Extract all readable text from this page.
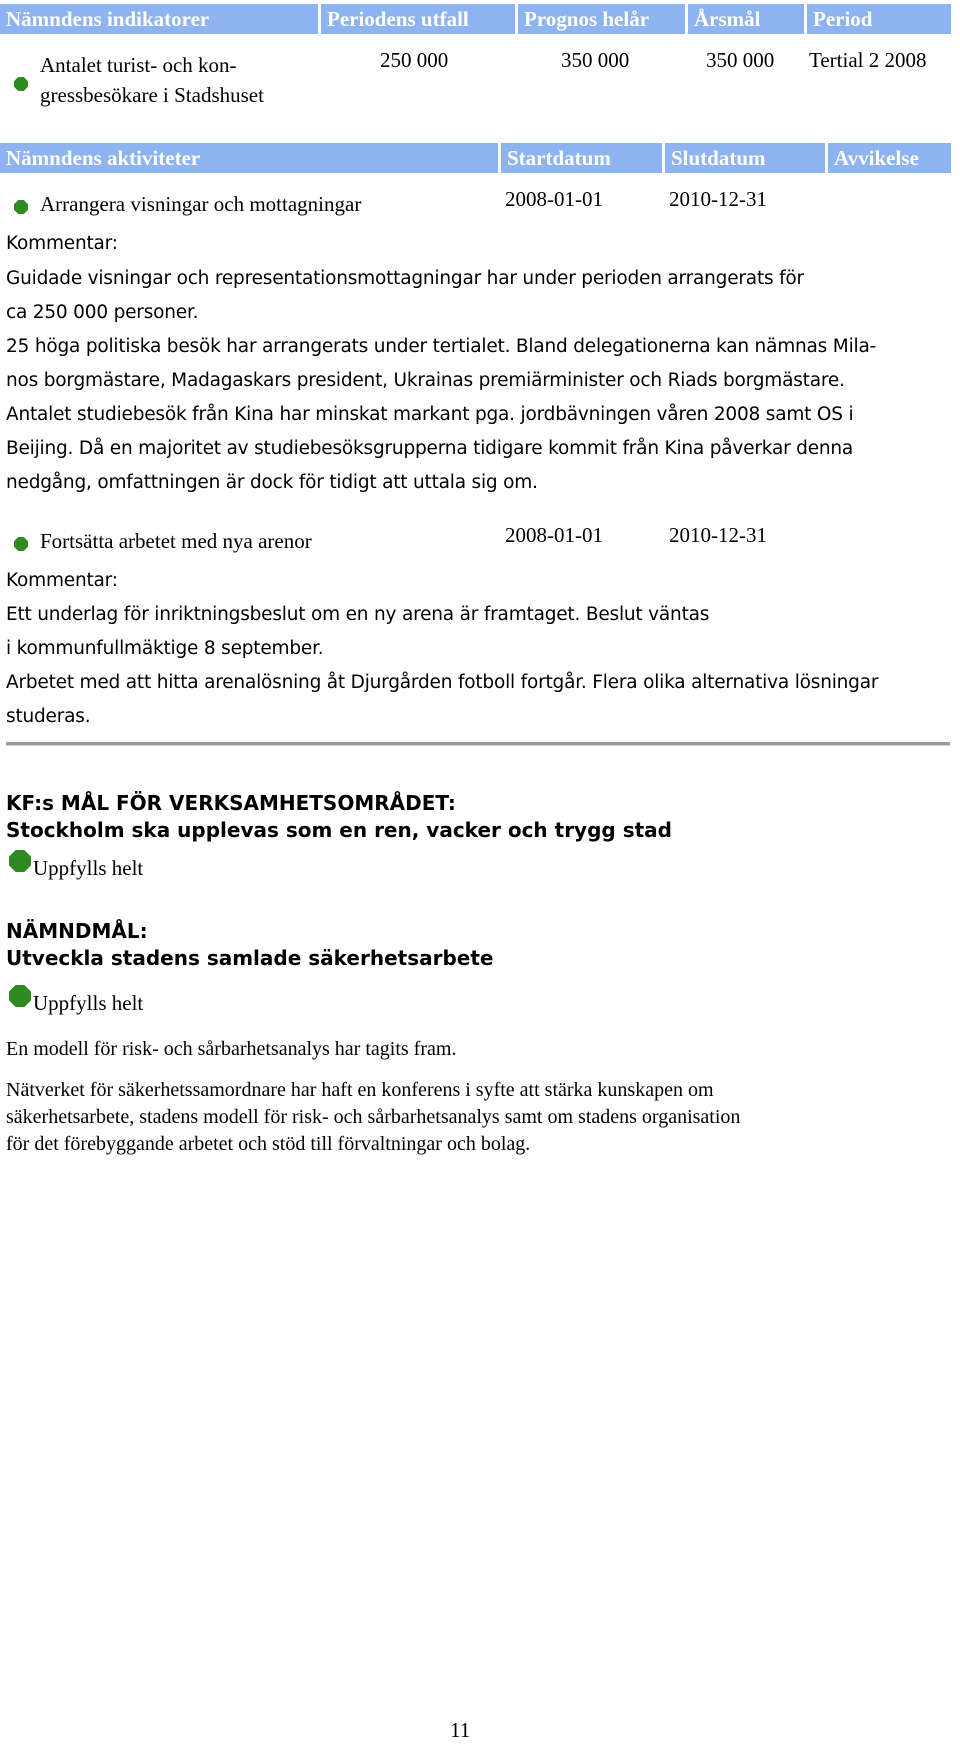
Nämndens indikatorer	Periodens utfall	Prognos helår	Årsmål	Period
Antalet turist- och kon-
gressbesökare i Stadshuset
250 000	350 000	350 000 Tertial 2 2008
Nämndens aktiviteter	Startdatum	Slutdatum	Avvikelse
Arrangera visningar och mottagningar	2008-01-01	2010-12-31
Kommentar:

Guidade visningar och representationsmottagningar har under perioden arrangerats för

ca 250 000 personer.

25 höga politiska besök har arrangerats under tertialet. Bland delegationerna kan nämnas Mila-

nos borgmästare, Madagaskars president, Ukrainas premiärminister och Riads borgmästare.

Antalet studiebesök från Kina har minskat markant pga. jordbävningen våren 2008 samt OS i

Beijing. Då en majoritet av studiebesöksgrupperna tidigare kommit från Kina påverkar denna

nedgång, omfattningen är dock för tidigt att uttala sig om.

Fortsätta arbetet med nya arenor	2008-01-01	2010-12-31
Kommentar:

Ett underlag för inriktningsbeslut om en ny arena är framtaget. Beslut väntas

i kommunfullmäktige 8 september.

Arbetet med att hitta arenalösning åt Djurgården fotboll fortgår. Flera olika alternativa lösningar

studeras.

KF:s MÅL FÖR VERKSAMHETSOMRÅDET:
Stockholm ska upplevas som en ren, vacker och trygg stad
Uppfylls helt
NÄMNDMÅL:
Utveckla stadens samlade säkerhetsarbete
Uppfylls helt
En modell för risk- och sårbarhetsanalys har tagits fram.
Nätverket för säkerhetssamordnare har haft en konferens i syfte att stärka kunskapen om
säkerhetsarbete, stadens modell för risk- och sårbarhetsanalys samt om stadens organisation
för det förebyggande arbetet och stöd till förvaltningar och bolag.
11
